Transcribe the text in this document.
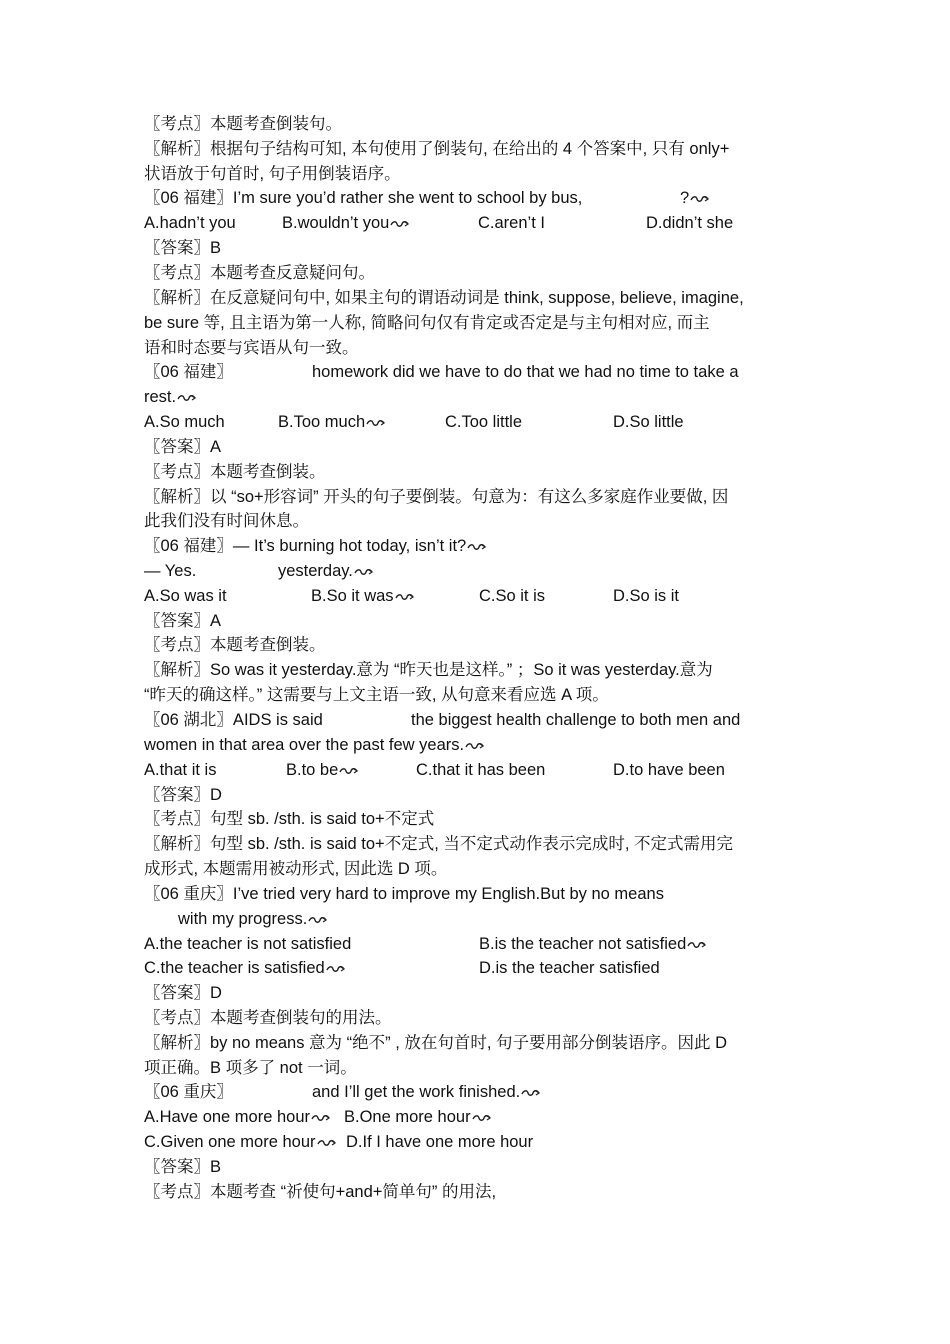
〖考点〗本题考查倒装句。
〖解析〗根据句子结构可知, 本句使用了倒装句, 在给出的 4 个答案中, 只有 only+
状语放于句首时, 句子用倒装语序。
〖06 福建〗I’m sure you’d rather she went to school by bus,	?
A.hadn’t you	B.wouldn’t you	C.aren’t I	D.didn’t she
〖答案〗B
〖考点〗本题考查反意疑问句。
〖解析〗在反意疑问句中, 如果主句的谓语动词是 think, suppose, believe, imagine,
be sure 等, 且主语为第一人称, 简略问句仅有肯定或否定是与主句相对应, 而主
语和时态要与宾语从句一致。
〖06 福建〗	homework did we have to do that we had no time to take a
rest.
A.So much	B.Too much	C.Too little	D.So little
〖答案〗A
〖考点〗本题考查倒装。
〖解析〗以 “so+形容词” 开头的句子要倒装。句意为：有这么多家庭作业要做, 因
此我们没有时间休息。
〖06 福建〗— It’s burning hot today, isn’t it?
— Yes.	yesterday.
A.So was it	B.So it was	C.So it is	D.So is it
〖答案〗A
〖考点〗本题考查倒装。
〖解析〗So was it yesterday.意为 “昨天也是这样。” ；So it was yesterday.意为
“昨天的确这样。” 这需要与上文主语一致, 从句意来看应选 A 项。
〖06 湖北〗AIDS is said	the biggest health challenge to both men and
women in that area over the past few years.
A.that it is	B.to be	C.that it has been	D.to have been
〖答案〗D
〖考点〗句型 sb. /sth. is said to+不定式
〖解析〗句型 sb. /sth. is said to+不定式, 当不定式动作表示完成时, 不定式需用完
成形式, 本题需用被动形式, 因此选 D 项。
〖06 重庆〗I’ve tried very hard to improve my English.But by no means
with my progress.
A.the teacher is not satisfied	B.is the teacher not satisfied
C.the teacher is satisfied	D.is the teacher satisfied
〖答案〗D
〖考点〗本题考查倒装句的用法。
〖解析〗by no means 意为 “绝不” , 放在句首时, 句子要用部分倒装语序。因此 D
项正确。B 项多了 not 一词。
〖06 重庆〗	and I’ll get the work finished.
A.Have one more hour	B.One more hour
C.Given one more hour	D.If I have one more hour
〖答案〗B
〖考点〗本题考查 “祈使句+and+简单句” 的用法,
